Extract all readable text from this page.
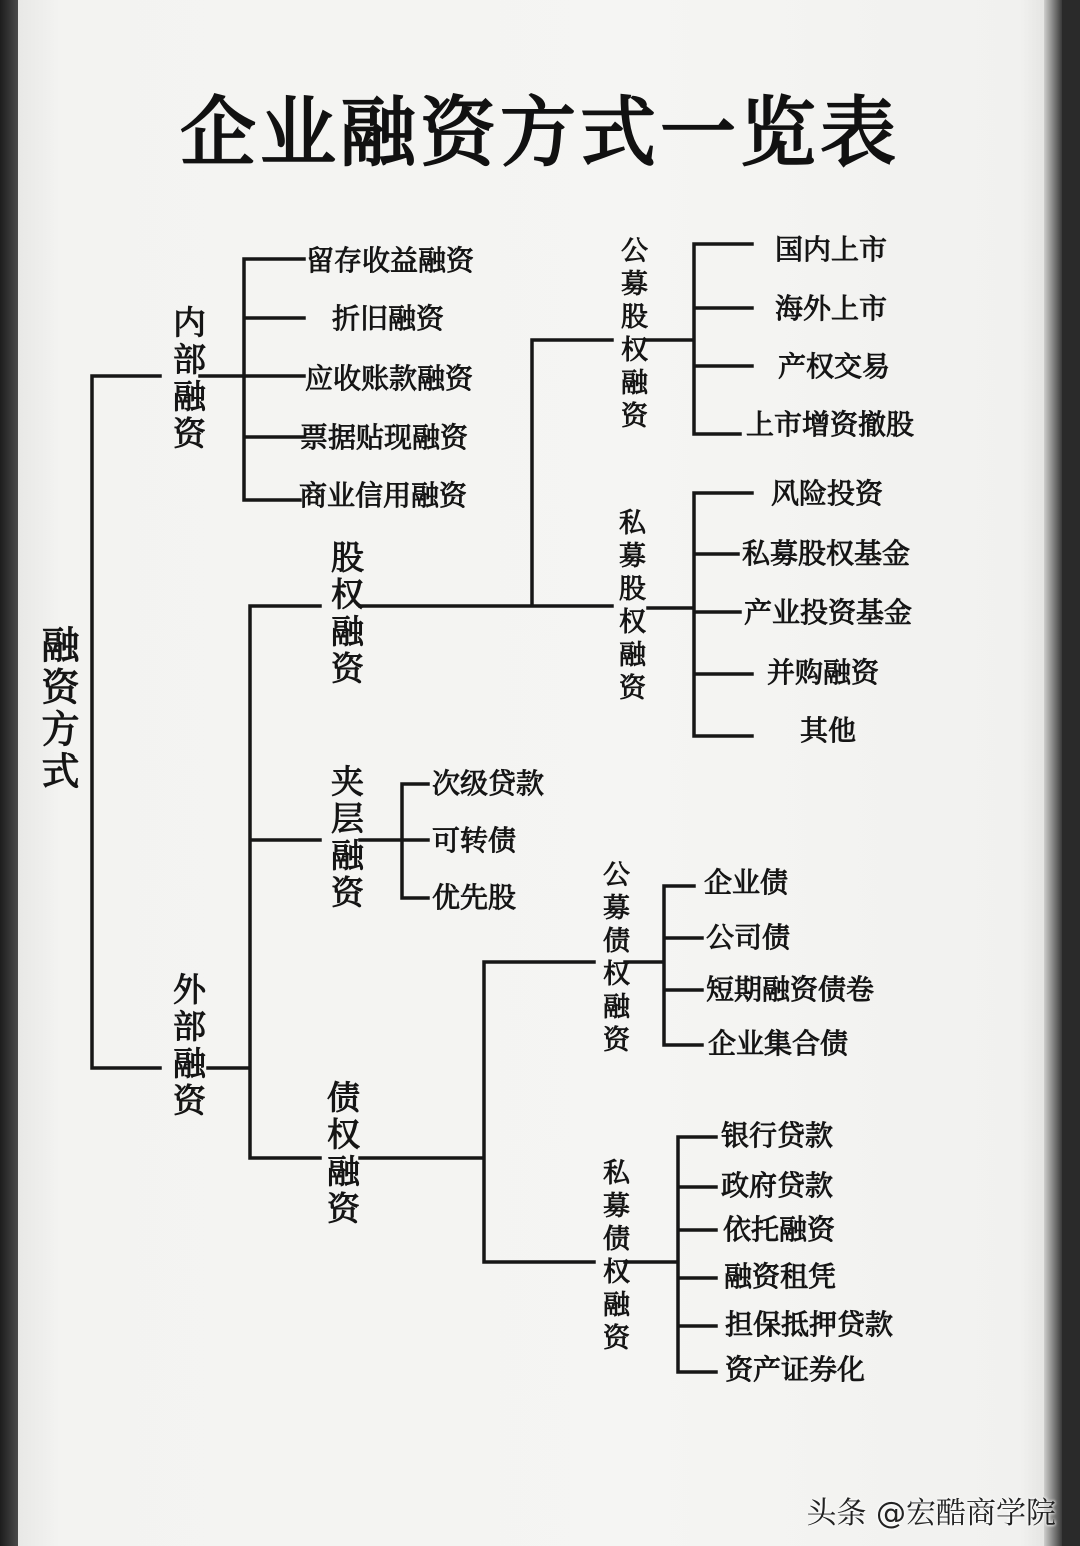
企业融资方式一览表
融资方式
内部融资
留存收益融资
折旧融资
应收账款融资
票据贴现融资
商业信用融资
外部融资
股权融资
公募股权融资	国内上市
海外上市
产权交易
上市增资撤股
私募股权融资
风险投资
私募股权基金
产业投资基金
并购融资
其他
夹层融资 次级贷款
可转债
优先股
债权融资
公募债权融资	企业债
公司债
短期融资债卷
企业集合债
私募债权融资
银行贷款
政府贷款
依托融资
融资租凭
担保抵押贷款
资产证券化
头条 @宏酷商学院
